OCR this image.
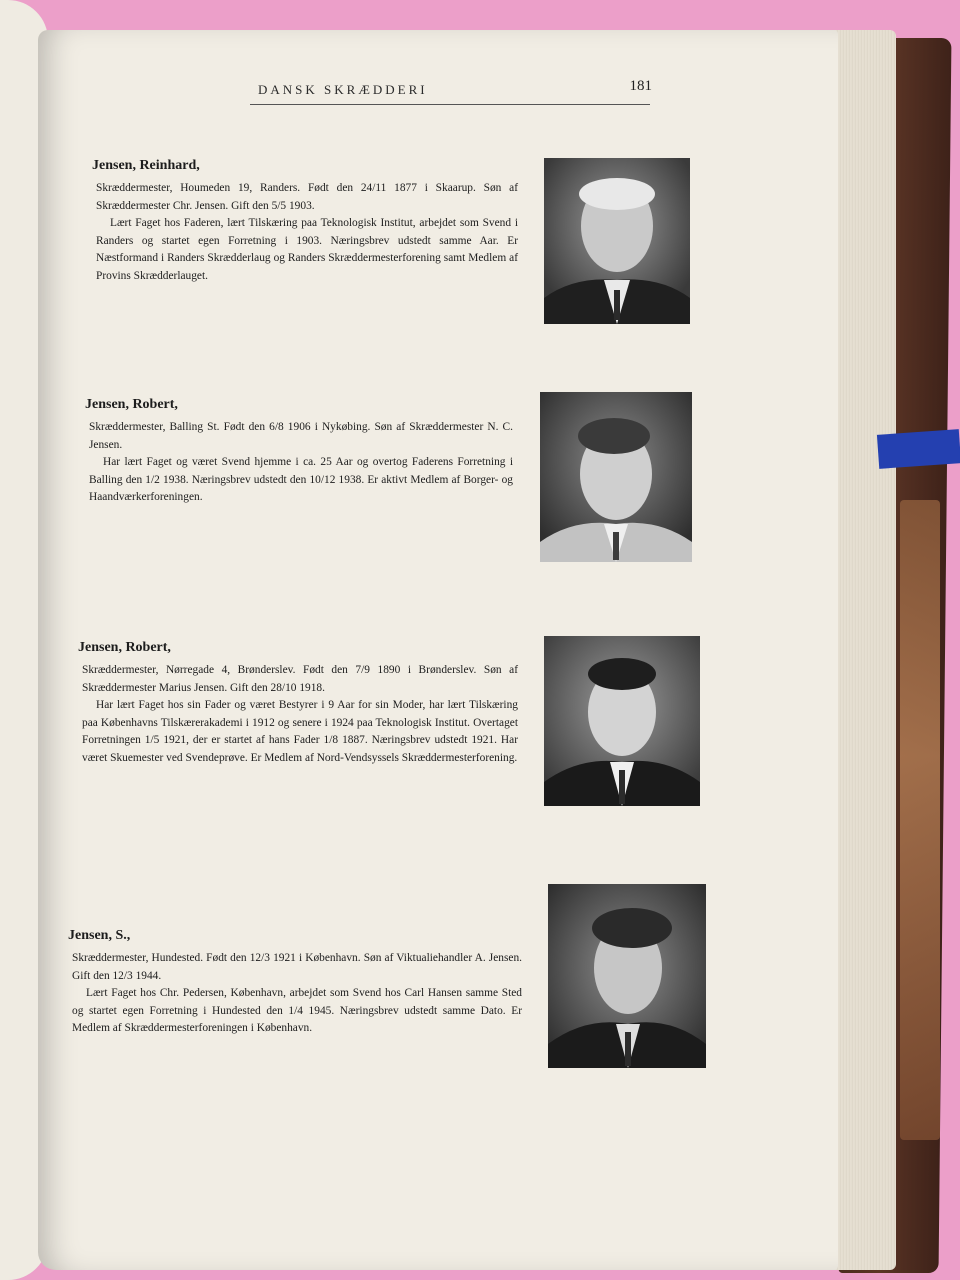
DANSK SKRÆDDERI	181

Jensen, Reinhard,

Skræddermester, Houmeden 19, Randers. Født den 24/11 1877 i Skaarup. Søn af Skræddermester Chr. Jensen. Gift den 5/5 1903.

Lært Faget hos Faderen, lært Tilskæring paa Teknologisk Institut, arbejdet som Svend i Randers og startet egen Forretning i 1903. Næringsbrev udstedt samme Aar. Er Næstformand i Randers Skrædderlaug og Randers Skræddermesterforening samt Medlem af Provins Skrædderlauget.

Jensen, Robert,

Skræddermester, Balling St. Født den 6/8 1906 i Nykøbing. Søn af Skræddermester N. C. Jensen.

Har lært Faget og været Svend hjemme i ca. 25 Aar og overtog Faderens Forretning i Balling den 1/2 1938. Næringsbrev udstedt den 10/12 1938. Er aktivt Medlem af Borger- og Haandværkerforeningen.

Jensen, Robert,

Skræddermester, Nørregade 4, Brønderslev. Født den 7/9 1890 i Brønderslev. Søn af Skræddermester Marius Jensen. Gift den 28/10 1918.

Har lært Faget hos sin Fader og været Bestyrer i 9 Aar for sin Moder, har lært Tilskæring paa Københavns Tilskærerakademi i 1912 og senere i 1924 paa Teknologisk Institut. Overtaget Forretningen 1/5 1921, der er startet af hans Fader 1/8 1887. Næringsbrev udstedt 1921. Har været Skuemester ved Svendeprøve. Er Medlem af Nord-Vendsyssels Skræddermesterforening.

Jensen, S.,

Skræddermester, Hundested. Født den 12/3 1921 i København. Søn af Viktualiehandler A. Jensen. Gift den 12/3 1944.

Lært Faget hos Chr. Pedersen, København, arbejdet som Svend hos Carl Hansen samme Sted og startet egen Forretning i Hundested den 1/4 1945. Næringsbrev udstedt samme Dato. Er Medlem af Skræddermesterforeningen i København.
